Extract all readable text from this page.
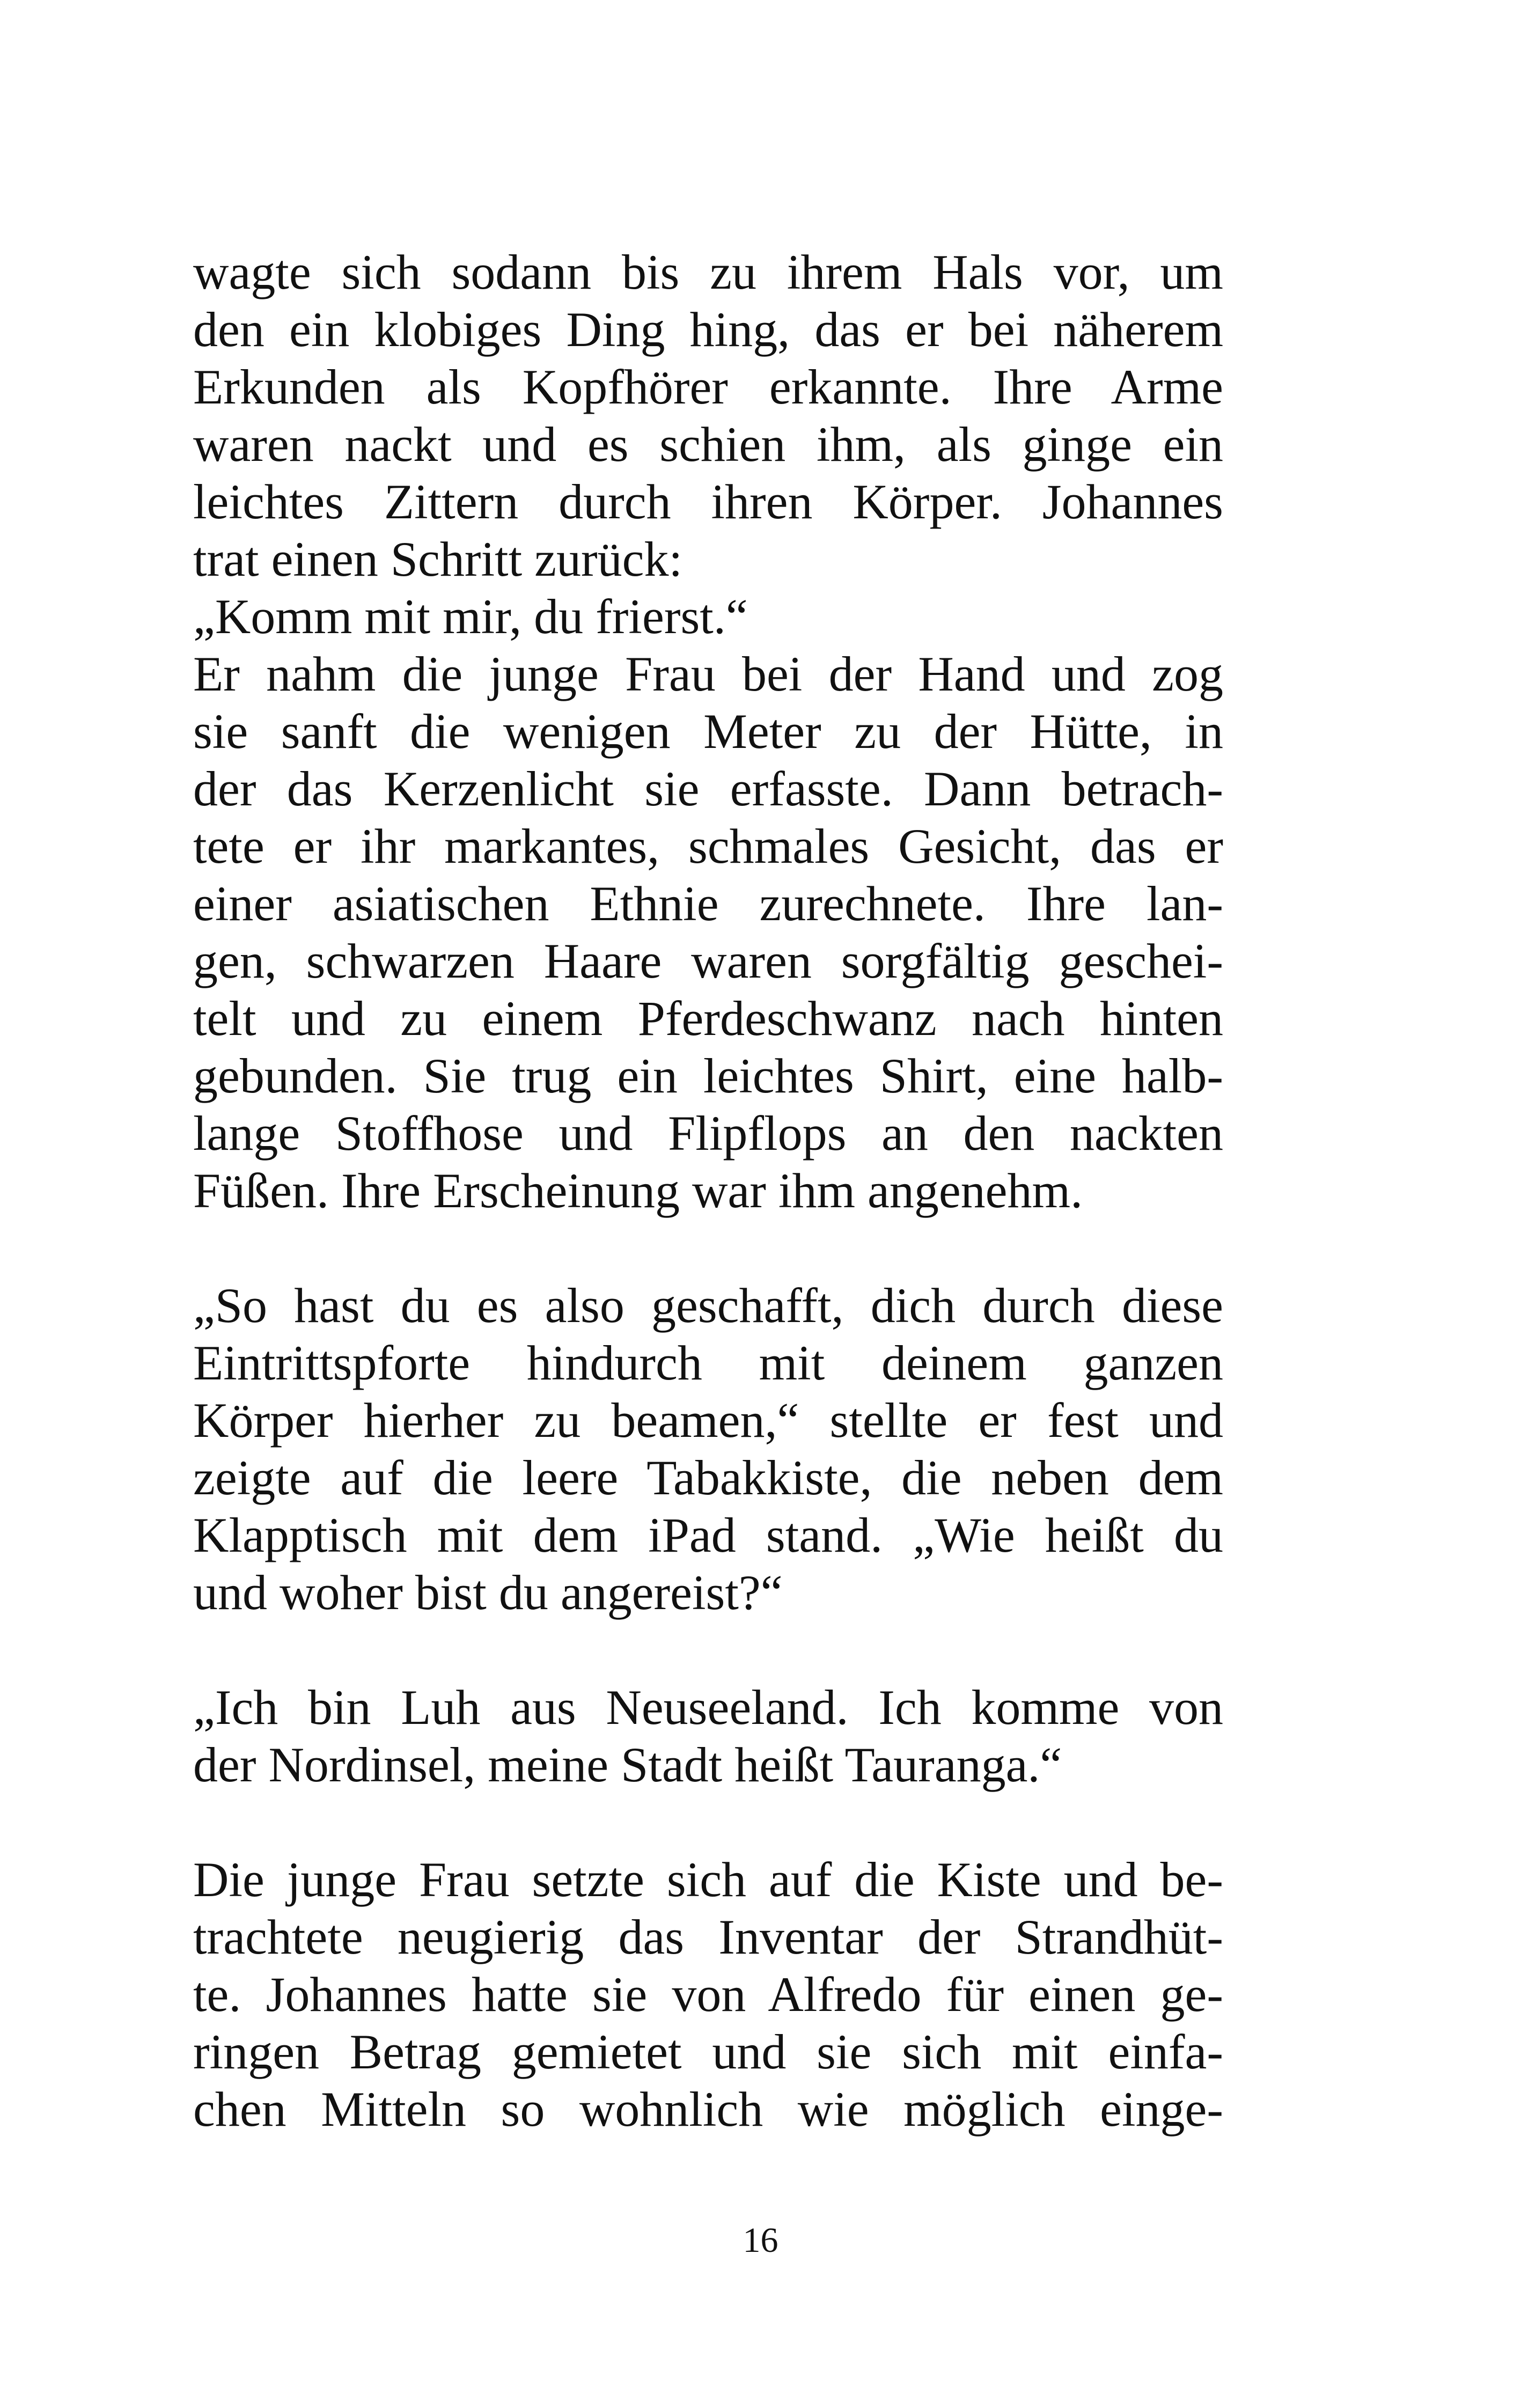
wagte sich sodann bis zu ihrem Hals vor, um
den ein klobiges Ding hing, das er bei näherem
Erkunden als Kopfhörer erkannte. Ihre Arme
waren nackt und es schien ihm, als ginge ein
leichtes Zittern durch ihren Körper. Johannes
trat einen Schritt zurück:
„Komm mit mir, du frierst.“
Er nahm die junge Frau bei der Hand und zog
sie sanft die wenigen Meter zu der Hütte, in
der das Kerzenlicht sie erfasste. Dann betrach-
tete er ihr markantes, schmales Gesicht, das er
einer asiatischen Ethnie zurechnete. Ihre lan-
gen, schwarzen Haare waren sorgfältig geschei-
telt und zu einem Pferdeschwanz nach hinten
gebunden. Sie trug ein leichtes Shirt, eine halb-
lange Stoffhose und Flipflops an den nackten
Füßen. Ihre Erscheinung war ihm angenehm.
„So hast du es also geschafft, dich durch diese
Eintrittspforte hindurch mit deinem ganzen
Körper hierher zu beamen,“ stellte er fest und
zeigte auf die leere Tabakkiste, die neben dem
Klapptisch mit dem iPad stand. „Wie heißt du
und woher bist du angereist?“
„Ich bin Luh aus Neuseeland. Ich komme von
der Nordinsel, meine Stadt heißt Tauranga.“
Die junge Frau setzte sich auf die Kiste und be-
trachtete neugierig das Inventar der Strandhüt-
te. Johannes hatte sie von Alfredo für einen ge-
ringen Betrag gemietet und sie sich mit einfa-
chen Mitteln so wohnlich wie möglich einge-
16
